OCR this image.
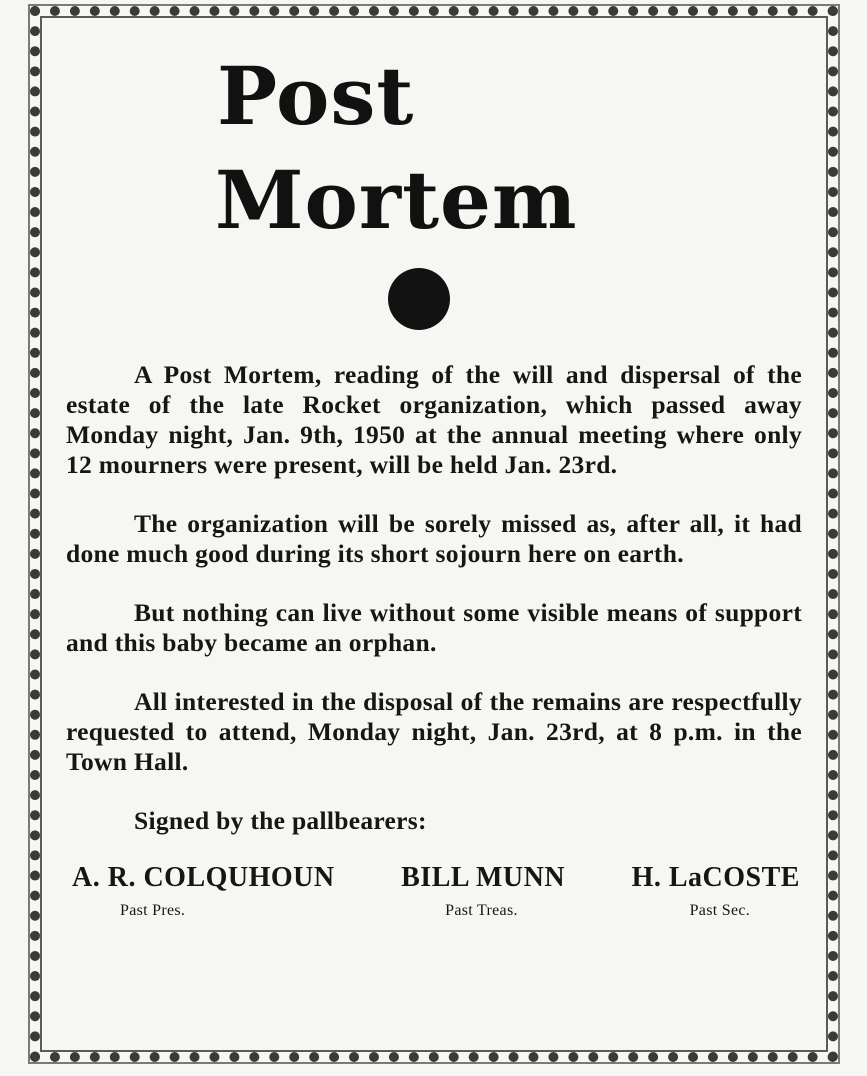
Post
Mortem

A Post Mortem, reading of the will and dispersal of the estate of the late Rocket organization, which passed away Monday night, Jan. 9th, 1950 at the annual meeting where only 12 mourners were present, will be held Jan. 23rd.

The organization will be sorely missed as, after all, it had done much good during its short sojourn here on earth.

But nothing can live without some visible means of support and this baby became an orphan.

All interested in the disposal of the remains are respectfully requested to attend, Monday night, Jan. 23rd, at 8 p.m. in the Town Hall.

Signed by the pallbearers:
A. R. COLQUHOUN
Past Pres.
BILL MUNN
Past Treas.
H. LaCOSTE
Past Sec.
